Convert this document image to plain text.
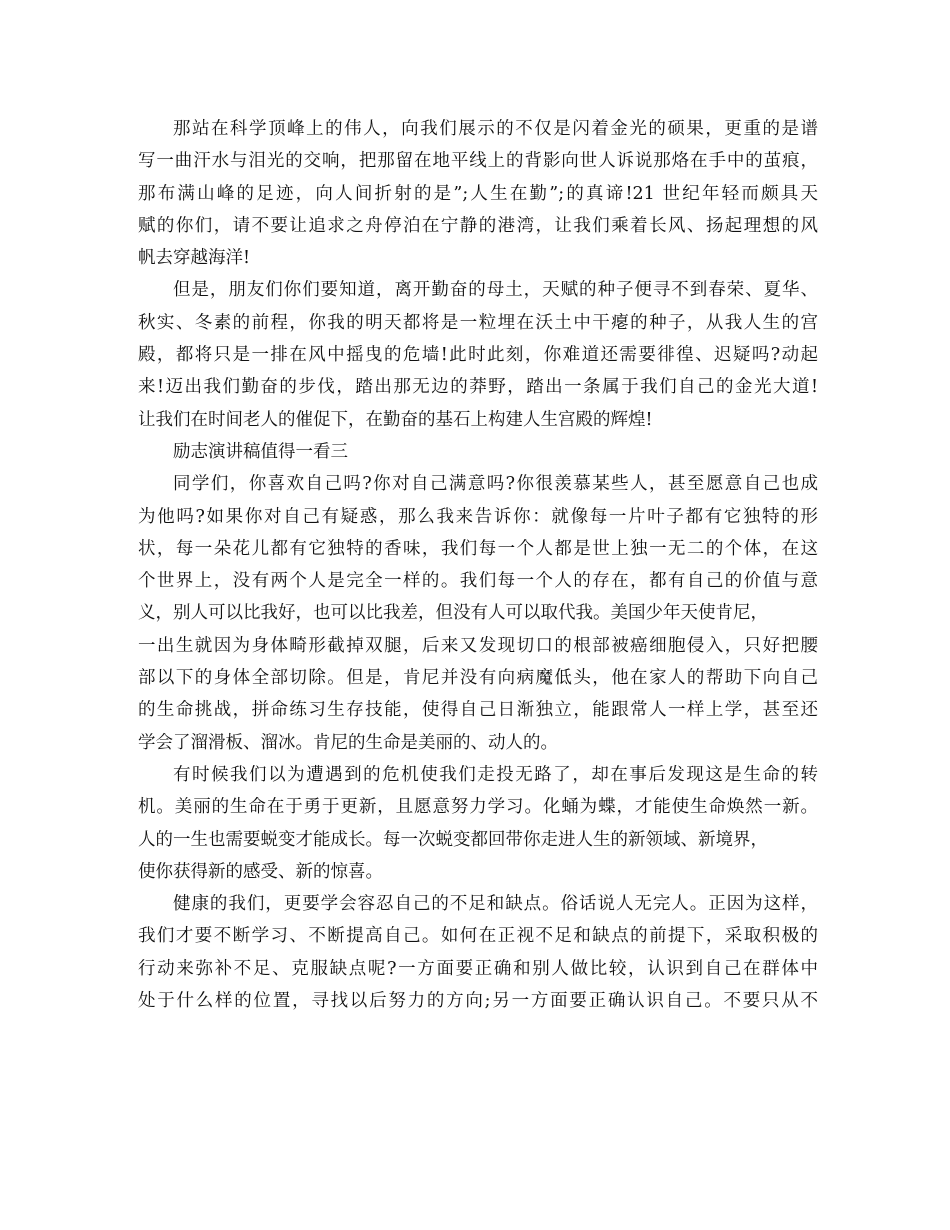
那站在科学顶峰上的伟人，向我们展示的不仅是闪着金光的硕果，更重的是谱
写一曲汗水与泪光的交响，把那留在地平线上的背影向世人诉说那烙在手中的茧痕，
那布满山峰的足迹，向人间折射的是”;人生在勤”;的真谛!21 世纪年轻而颇具天
赋的你们，请不要让追求之舟停泊在宁静的港湾，让我们乘着长风、扬起理想的风
帆去穿越海洋!
但是，朋友们你们要知道，离开勤奋的母土，天赋的种子便寻不到春荣、夏华、
秋实、冬素的前程，你我的明天都将是一粒埋在沃土中干瘪的种子，从我人生的宫
殿，都将只是一排在风中摇曳的危墙!此时此刻，你难道还需要徘徨、迟疑吗?动起
来!迈出我们勤奋的步伐，踏出那无边的莽野，踏出一条属于我们自己的金光大道!
让我们在时间老人的催促下，在勤奋的基石上构建人生宫殿的辉煌!
励志演讲稿值得一看三
同学们，你喜欢自己吗?你对自己满意吗?你很羡慕某些人，甚至愿意自己也成
为他吗?如果你对自己有疑惑，那么我来告诉你：就像每一片叶子都有它独特的形
状，每一朵花儿都有它独特的香味，我们每一个人都是世上独一无二的个体，在这
个世界上，没有两个人是完全一样的。我们每一个人的存在，都有自己的价值与意
义，别人可以比我好，也可以比我差，但没有人可以取代我。美国少年天使肯尼，
一出生就因为身体畸形截掉双腿，后来又发现切口的根部被癌细胞侵入，只好把腰
部以下的身体全部切除。但是，肯尼并没有向病魔低头，他在家人的帮助下向自己
的生命挑战，拼命练习生存技能，使得自己日渐独立，能跟常人一样上学，甚至还
学会了溜滑板、溜冰。肯尼的生命是美丽的、动人的。
有时候我们以为遭遇到的危机使我们走投无路了，却在事后发现这是生命的转
机。美丽的生命在于勇于更新，且愿意努力学习。化蛹为蝶，才能使生命焕然一新。
人的一生也需要蜕变才能成长。每一次蜕变都回带你走进人生的新领域、新境界，
使你获得新的感受、新的惊喜。
健康的我们，更要学会容忍自己的不足和缺点。俗话说人无完人。正因为这样，
我们才要不断学习、不断提高自己。如何在正视不足和缺点的前提下，采取积极的
行动来弥补不足、克服缺点呢?一方面要正确和别人做比较，认识到自己在群体中
处于什么样的位置，寻找以后努力的方向;另一方面要正确认识自己。不要只从不
